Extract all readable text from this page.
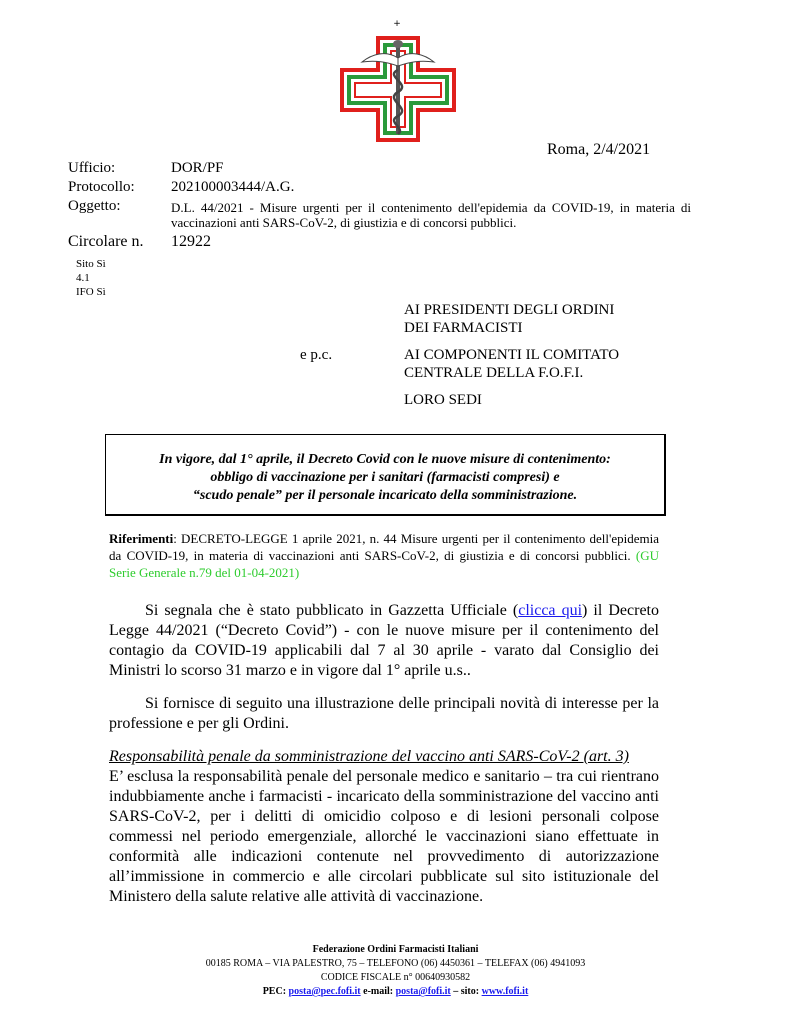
+
Roma, 2/4/2021
Ufficio:	DOR/PF
Protocollo: 202100003444/A.G.
Oggetto:	D.L. 44/2021 - Misure urgenti per il contenimento dell'epidemia da COVID-19, in materia di vaccinazioni anti SARS-CoV-2, di giustizia e di concorsi pubblici.
Circolare n. 12922
Sito Sì
4.1
IFO Sì
AI PRESIDENTI DEGLI ORDINI
DEI FARMACISTI
e p.c.	AI COMPONENTI IL COMITATO
CENTRALE DELLA F.O.F.I.
LORO SEDI
In vigore, dal 1° aprile, il Decreto Covid con le nuove misure di contenimento:
obbligo di vaccinazione per i sanitari (farmacisti compresi) e
“scudo penale” per il personale incaricato della somministrazione.
Riferimenti: DECRETO-LEGGE 1 aprile 2021, n. 44 Misure urgenti per il contenimento dell'epidemia da COVID-19, in materia di vaccinazioni anti SARS-CoV-2, di giustizia e di concorsi pubblici. (GU Serie Generale n.79 del 01-04-2021)
Si segnala che è stato pubblicato in Gazzetta Ufficiale (clicca qui) il Decreto Legge 44/2021 (“Decreto Covid”) - con le nuove misure per il contenimento del contagio da COVID-19 applicabili dal 7 al 30 aprile - varato dal Consiglio dei Ministri lo scorso 31 marzo e in vigore dal 1° aprile u.s..
Si fornisce di seguito una illustrazione delle principali novità di interesse per la professione e per gli Ordini.
Responsabilità penale da somministrazione del vaccino anti SARS-CoV-2 (art. 3)
E’ esclusa la responsabilità penale del personale medico e sanitario – tra cui rientrano indubbiamente anche i farmacisti - incaricato della somministrazione del vaccino anti SARS-CoV-2, per i delitti di omicidio colposo e di lesioni personali colpose commessi nel periodo emergenziale, allorché le vaccinazioni siano effettuate in conformità alle indicazioni contenute nel provvedimento di autorizzazione all’immissione in commercio e alle circolari pubblicate sul sito istituzionale del Ministero della salute relative alle attività di vaccinazione.
Federazione Ordini Farmacisti Italiani
00185 ROMA – VIA PALESTRO, 75 – TELEFONO (06) 4450361 – TELEFAX (06) 4941093
CODICE FISCALE n° 00640930582
PEC: posta@pec.fofi.it e-mail: posta@fofi.it – sito: www.fofi.it
